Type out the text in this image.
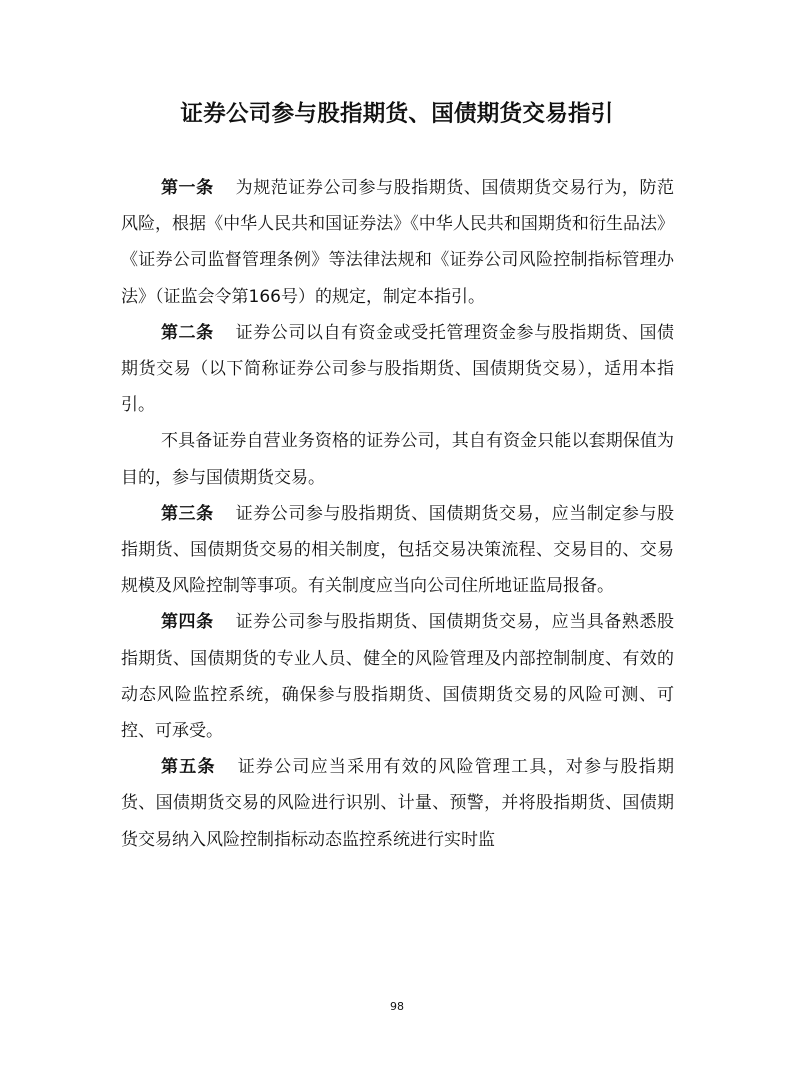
证券公司参与股指期货、国债期货交易指引

第一条 为规范证券公司参与股指期货、国债期货交易行为，防范风险，根据《中华人民共和国证券法》《中华人民共和国期货和衍生品法》《证券公司监督管理条例》等法律法规和《证券公司风险控制指标管理办法》（证监会令第166号）的规定，制定本指引。

第二条 证券公司以自有资金或受托管理资金参与股指期货、国债期货交易（以下简称证券公司参与股指期货、国债期货交易），适用本指引。

不具备证券自营业务资格的证券公司，其自有资金只能以套期保值为目的，参与国债期货交易。

第三条 证券公司参与股指期货、国债期货交易，应当制定参与股指期货、国债期货交易的相关制度，包括交易决策流程、交易目的、交易规模及风险控制等事项。有关制度应当向公司住所地证监局报备。

第四条 证券公司参与股指期货、国债期货交易，应当具备熟悉股指期货、国债期货的专业人员、健全的风险管理及内部控制制度、有效的动态风险监控系统，确保参与股指期货、国债期货交易的风险可测、可控、可承受。

第五条 证券公司应当采用有效的风险管理工具，对参与股指期货、国债期货交易的风险进行识别、计量、预警，并将股指期货、国债期货交易纳入风险控制指标动态监控系统进行实时监

98
